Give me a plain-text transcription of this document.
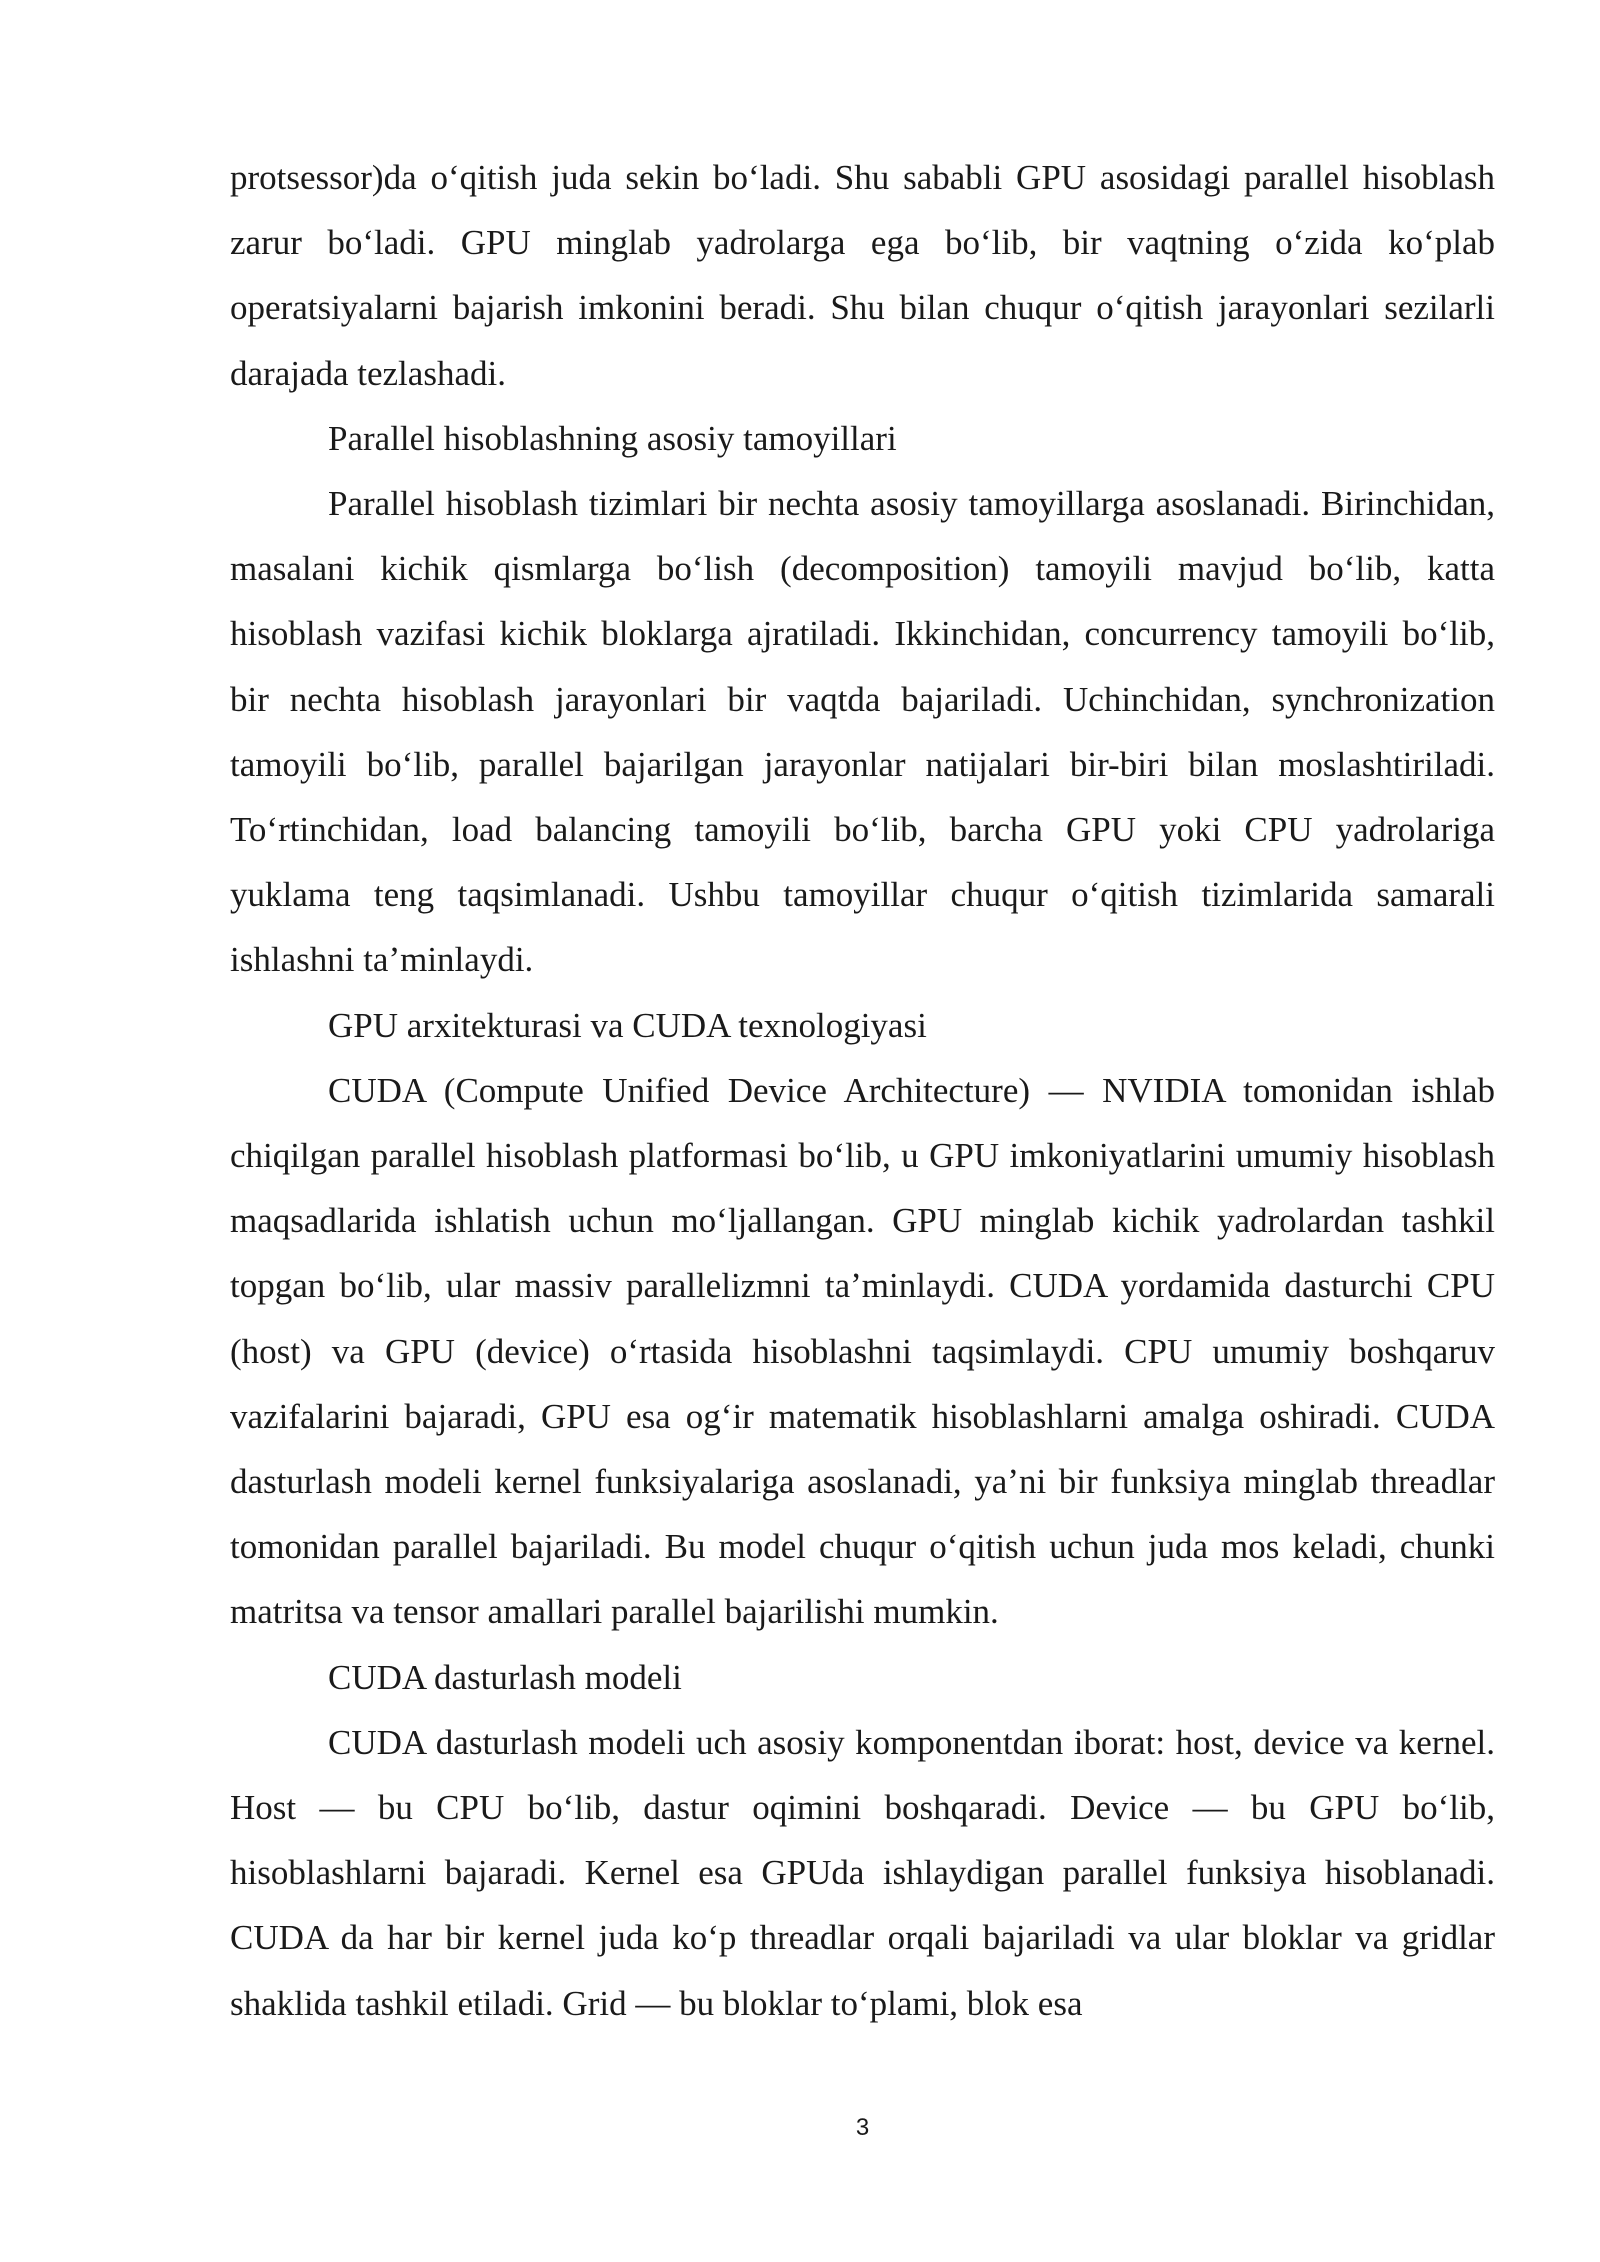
protsessor)da oʻqitish juda sekin boʻladi. Shu sababli GPU asosidagi parallel hisoblash zarur boʻladi. GPU minglab yadrolarga ega boʻlib, bir vaqtning oʻzida koʻplab operatsiyalarni bajarish imkonini beradi. Shu bilan chuqur oʻqitish jarayonlari sezilarli darajada tezlashadi.

Parallel hisoblashning asosiy tamoyillari

Parallel hisoblash tizimlari bir nechta asosiy tamoyillarga asoslanadi. Birinchidan, masalani kichik qismlarga boʻlish (decomposition) tamoyili mavjud boʻlib, katta hisoblash vazifasi kichik bloklarga ajratiladi. Ikkinchidan, concurrency tamoyili boʻlib, bir nechta hisoblash jarayonlari bir vaqtda bajariladi. Uchinchidan, synchronization tamoyili boʻlib, parallel bajarilgan jarayonlar natijalari bir-biri bilan moslashtiriladi. Toʻrtinchidan, load balancing tamoyili boʻlib, barcha GPU yoki CPU yadrolariga yuklama teng taqsimlanadi. Ushbu tamoyillar chuqur oʻqitish tizimlarida samarali ishlashni taʼminlaydi.

GPU arxitekturasi va CUDA texnologiyasi

CUDA (Compute Unified Device Architecture) — NVIDIA tomonidan ishlab chiqilgan parallel hisoblash platformasi boʻlib, u GPU imkoniyatlarini umumiy hisoblash maqsadlarida ishlatish uchun moʻljallangan. GPU minglab kichik yadrolardan tashkil topgan boʻlib, ular massiv parallelizmni taʼminlaydi. CUDA yordamida dasturchi CPU (host) va GPU (device) oʻrtasida hisoblashni taqsimlaydi. CPU umumiy boshqaruv vazifalarini bajaradi, GPU esa ogʻir matematik hisoblashlarni amalga oshiradi. CUDA dasturlash modeli kernel funksiyalariga asoslanadi, yaʼni bir funksiya minglab threadlar tomonidan parallel bajariladi. Bu model chuqur oʻqitish uchun juda mos keladi, chunki matritsa va tensor amallari parallel bajarilishi mumkin.

CUDA dasturlash modeli

CUDA dasturlash modeli uch asosiy komponentdan iborat: host, device va kernel. Host — bu CPU boʻlib, dastur oqimini boshqaradi. Device — bu GPU boʻlib, hisoblashlarni bajaradi. Kernel esa GPUda ishlaydigan parallel funksiya hisoblanadi. CUDA da har bir kernel juda koʻp threadlar orqali bajariladi va ular bloklar va gridlar shaklida tashkil etiladi. Grid — bu bloklar toʻplami, blok esa

3
